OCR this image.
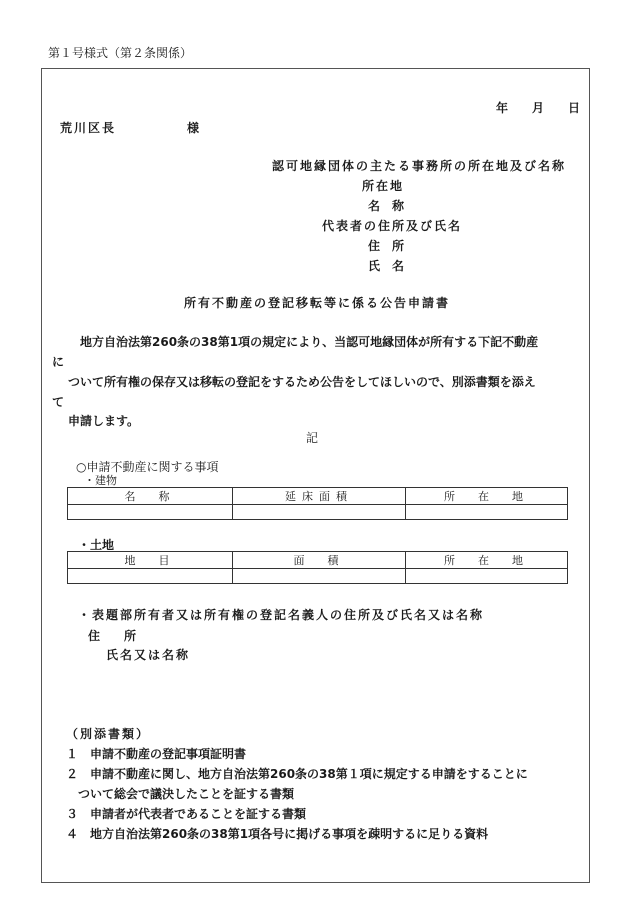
第１号様式（第２条関係）
年　　月　　日
荒川区長	様
認可地縁団体の主たる事務所の所在地及び名称
所在地
名　称
代表者の住所及び氏名
住　所
氏　名
所有不動産の登記移転等に係る公告申請書
地方自治法第260条の38第1項の規定により、当認可地縁団体が所有する下記不動産
に
ついて所有権の保存又は移転の登記をするため公告をしてほしいので、別添書類を添え
て
申請します。
記
○申請不動産に関する事項
・建物
名　称	延床面積	所　在　地

・土地
地　目	面　積	所　在　地

・表題部所有者又は所有権の登記名義人の住所及び氏名又は名称
住　　所
氏名又は名称
（別添書類）
１　申請不動産の登記事項証明書
２　申請不動産に関し、地方自治法第260条の38第１項に規定する申請をすることに
　ついて総会で議決したことを証する書類
３　申請者が代表者であることを証する書類
４　地方自治法第260条の38第1項各号に掲げる事項を疎明するに足りる資料
